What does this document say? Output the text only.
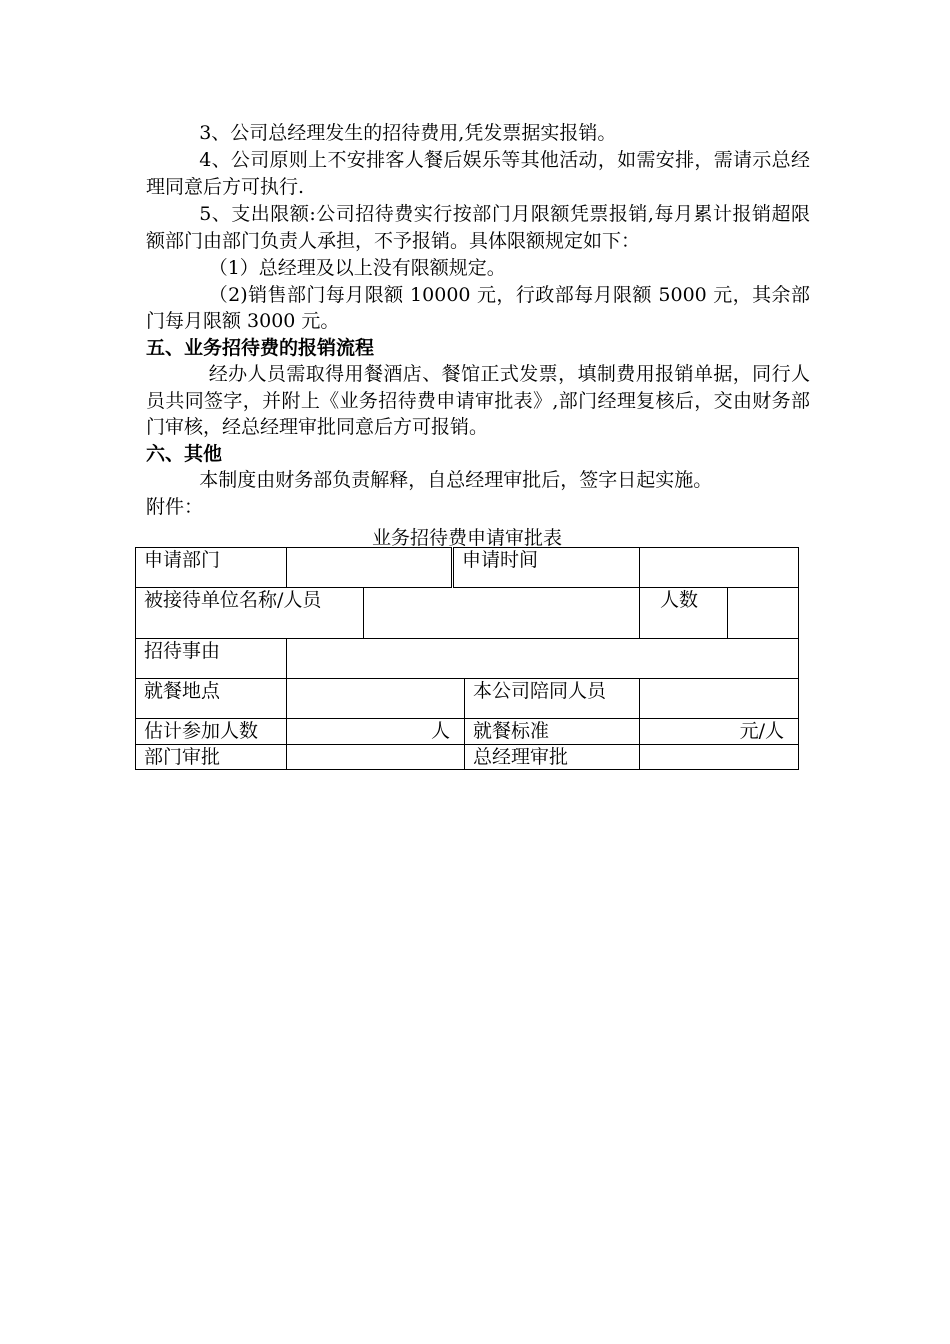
3、公司总经理发生的招待费用,凭发票据实报销。

4、公司原则上不安排客人餐后娱乐等其他活动，如需安排，需请示总经理同意后方可执行.

5、支出限额:公司招待费实行按部门月限额凭票报销,每月累计报销超限额部门由部门负责人承担，不予报销。具体限额规定如下：

（1）总经理及以上没有限额规定。

（2)销售部门每月限额 10000 元，行政部每月限额 5000 元，其余部门每月限额 3000 元。

五、业务招待费的报销流程

经办人员需取得用餐酒店、餐馆正式发票，填制费用报销单据，同行人员共同签字，并附上《业务招待费申请审批表》,部门经理复核后，交由财务部门审核，经总经理审批同意后方可报销。

六、其他

本制度由财务部负责解释，自总经理审批后，签字日起实施。

附件：

业务招待费申请审批表
申请部门			申请时间			
被接待单位名称/人员					人数	
招待事由						
就餐地点				本公司陪同人员		
估计参加人数	人			就餐标准	元/人	
部门审批				总经理审批		
